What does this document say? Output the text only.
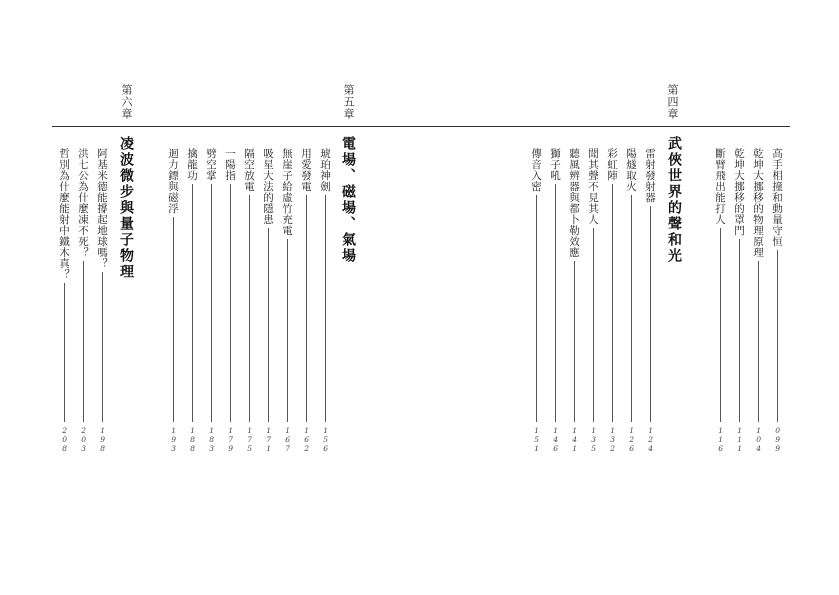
第四章
武俠世界的聲和光	高手相撞和動量守恒
099
乾坤大挪移的物理原理
104
乾坤大挪移的罩門
111
斷臂飛出能打人
116
雷射發射器
124
陽燧取火
126
彩虹陣
132
聞其聲不見其人
135
聽風辨器與都卜勒效應
141
獅子吼
146
傳音入密
151
第五章
電場、磁場、氣場
琥珀神劍
156
用愛發電
162
無崖子給虛竹充電
167
吸星大法的隱患
171
隔空放電
175
一陽指
179
劈空掌
183
擒龍功
188
迴力鏢與磁浮
193
第六章
凌波微步與量子物理
阿基米德能撐起地球嗎？
198
洪七公為什麼凍不死？
203
哲別為什麼能射中鐵木真？
208
